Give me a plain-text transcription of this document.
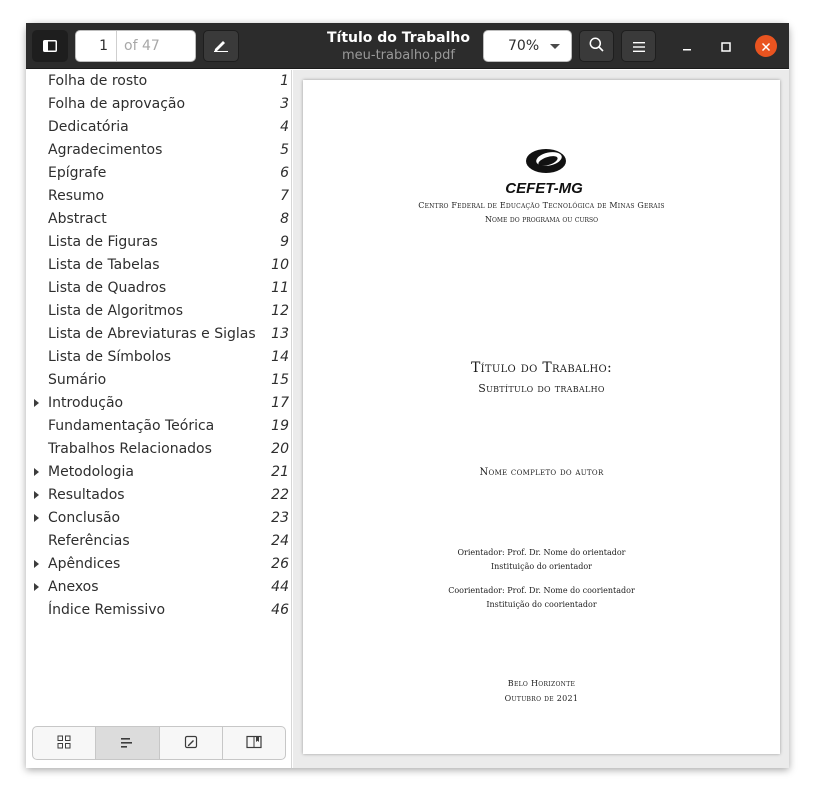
1	of 47	Título do Trabalho
meu-trabalho.pdf
70%
Folha de rosto	1
Folha de aprovação	3
Dedicatória	4
Agradecimentos	5
Epígrafe	6
Resumo	7
Abstract	8
Lista de Figuras	9
Lista de Tabelas	10
Lista de Quadros	11
Lista de Algoritmos	12
Lista de Abreviaturas e Siglas 13
Lista de Símbolos	14
Sumário	15
Introdução	17
Fundamentação Teórica	19
Trabalhos Relacionados	20
Metodologia	21
Resultados	22
Conclusão	23
Referências	24
Apêndices	26
Anexos	44
Índice Remissivo	46
CEFET-MG
Centro Federal de Educação Tecnológica de Minas Gerais
Nome do programa ou curso
Título do Trabalho:
Subtítulo do trabalho
Nome completo do autor
Orientador: Prof. Dr. Nome do orientador
Instituição do orientador
Coorientador: Prof. Dr. Nome do coorientador
Instituição do coorientador
Belo Horizonte
Outubro de 2021
